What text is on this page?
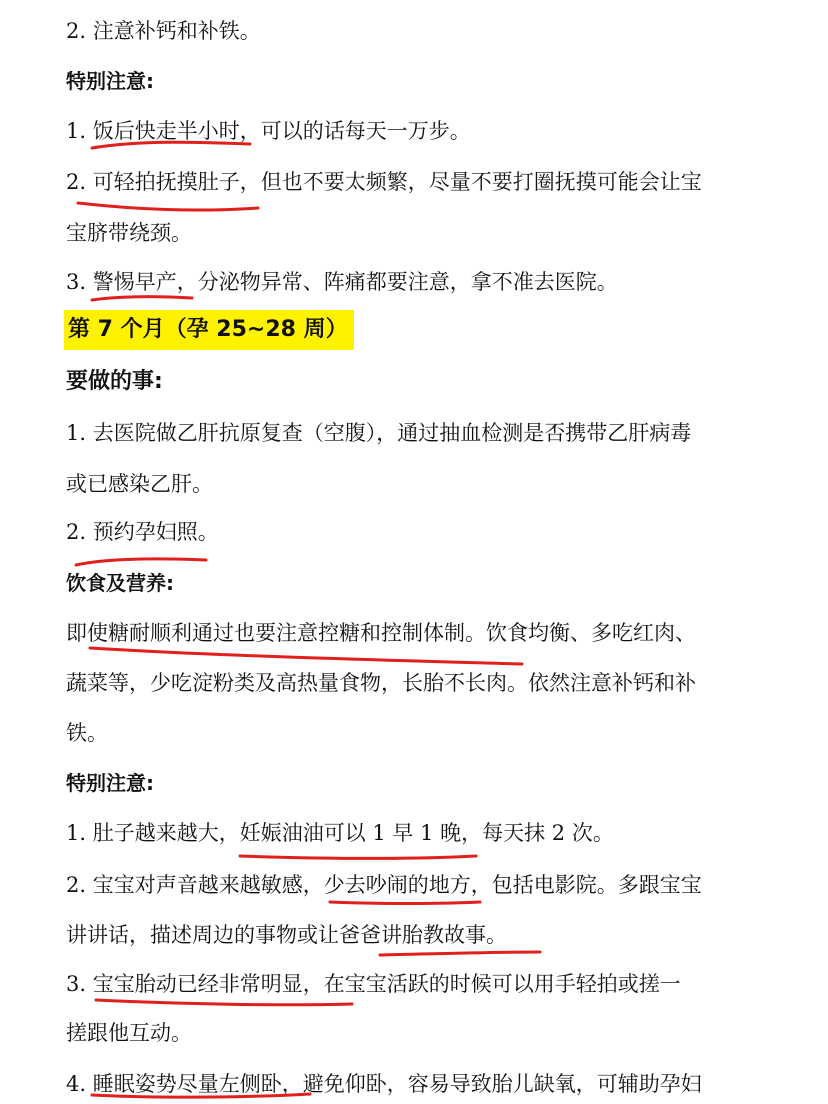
2. 注意补钙和补铁。
特别注意:
1. 饭后快走半小时，可以的话每天一万步。
2. 可轻拍抚摸肚子，但也不要太频繁，尽量不要打圈抚摸可能会让宝
宝脐带绕颈。
3. 警惕早产，分泌物异常、阵痛都要注意，拿不准去医院。
第 7 个月（孕 25~28 周）
要做的事:
1. 去医院做乙肝抗原复查（空腹），通过抽血检测是否携带乙肝病毒
或已感染乙肝。
2. 预约孕妇照。
饮食及营养:
即使糖耐顺利通过也要注意控糖和控制体制。饮食均衡、多吃红肉、
蔬菜等，少吃淀粉类及高热量食物，长胎不长肉。依然注意补钙和补
铁。
特别注意:
1. 肚子越来越大，妊娠油油可以 1 早 1 晚，每天抹 2 次。
2. 宝宝对声音越来越敏感，少去吵闹的地方，包括电影院。多跟宝宝
讲讲话，描述周边的事物或让爸爸讲胎教故事。
3. 宝宝胎动已经非常明显，在宝宝活跃的时候可以用手轻拍或搓一
搓跟他互动。
4. 睡眠姿势尽量左侧卧，避免仰卧，容易导致胎儿缺氧，可辅助孕妇
